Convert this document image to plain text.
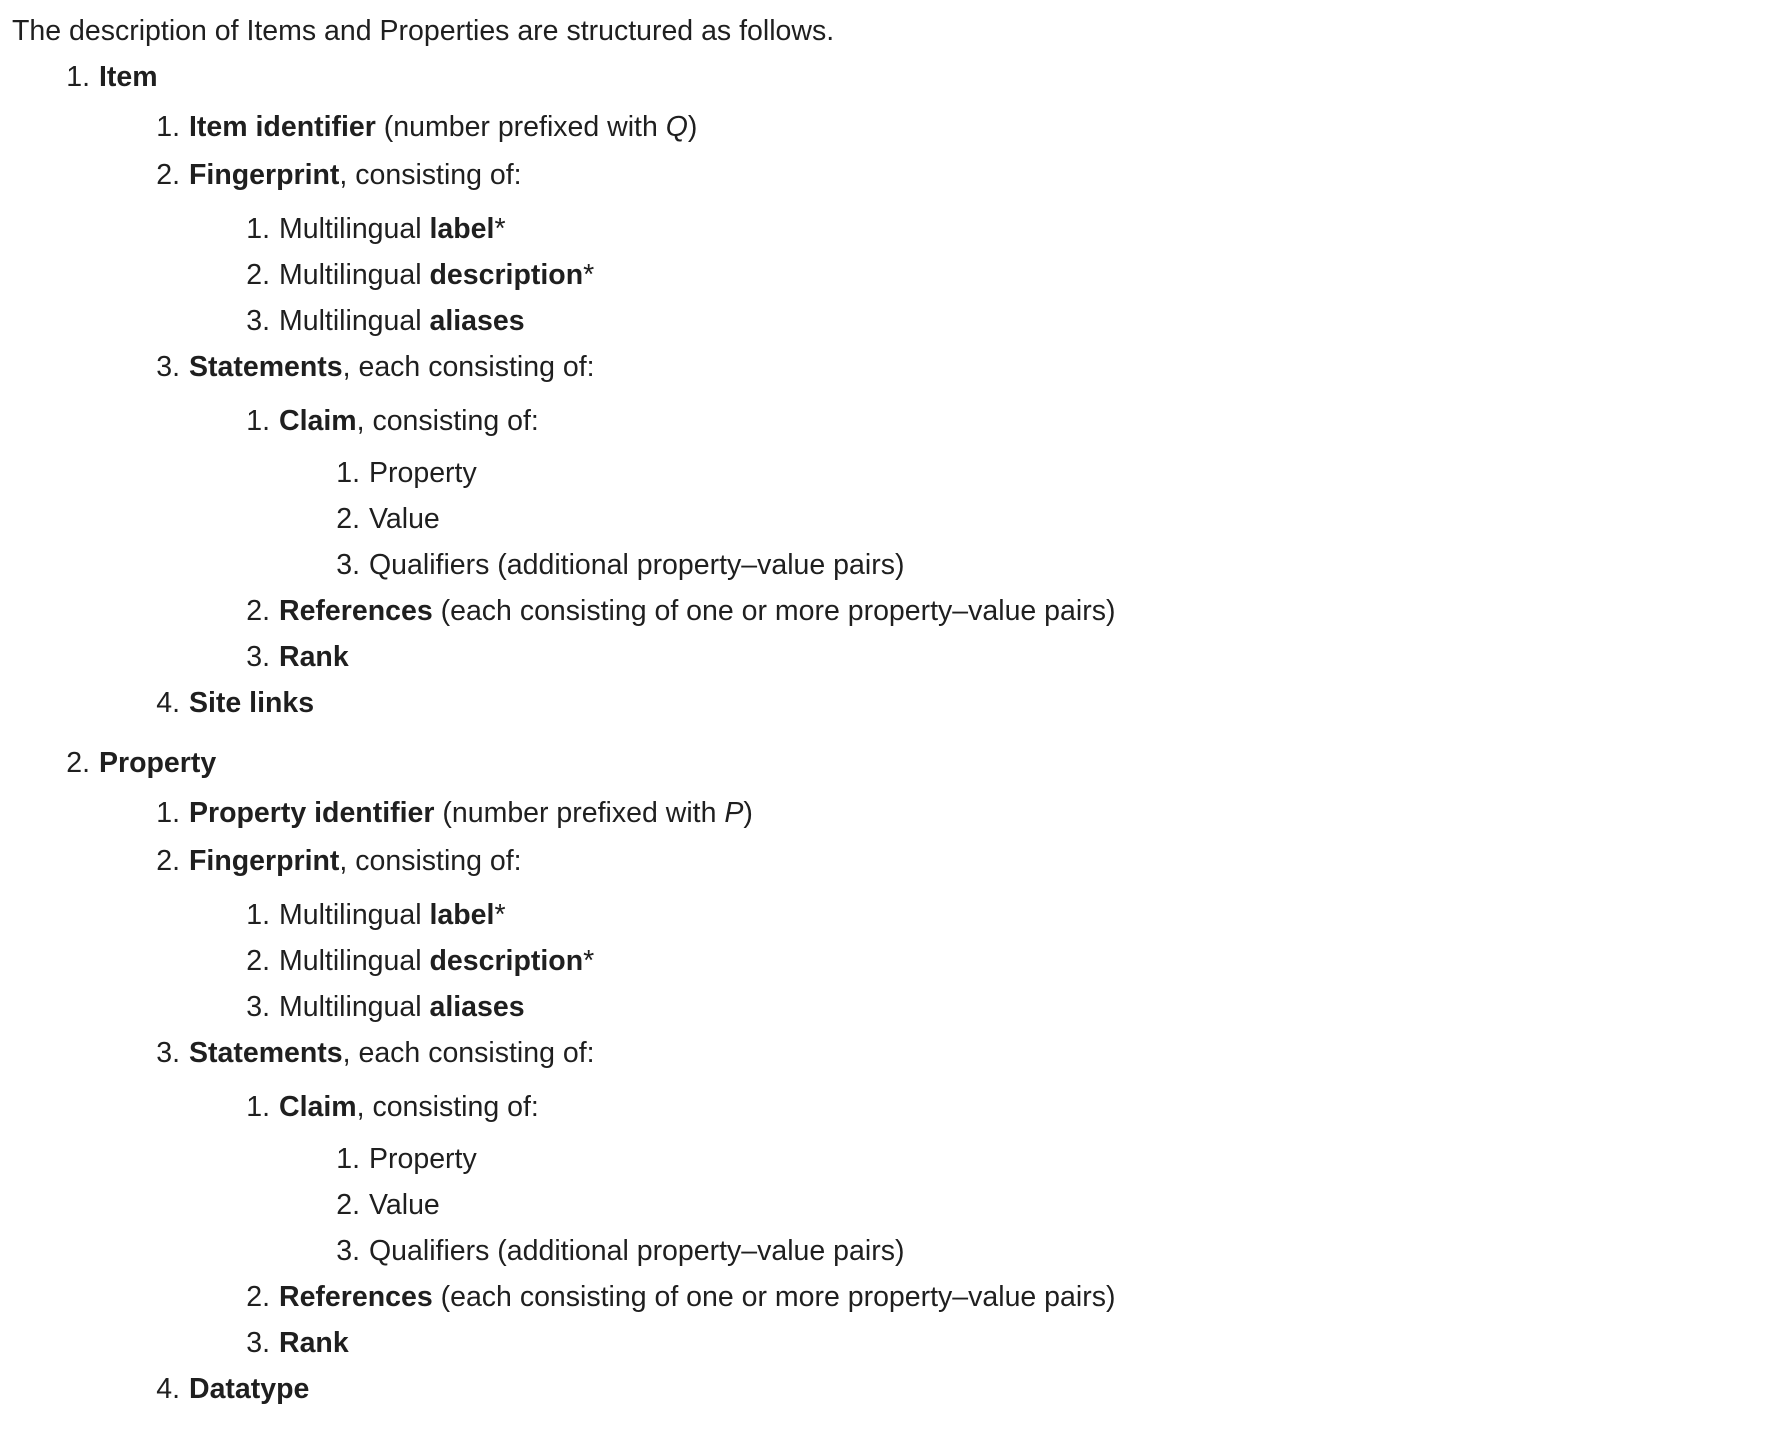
The description of Items and Properties are structured as follows.

1. Item
1. Item identifier (number prefixed with Q)
2. Fingerprint, consisting of:
1. Multilingual label*
2. Multilingual description*
3. Multilingual aliases
3. Statements, each consisting of:
1. Claim, consisting of:
1. Property
2. Value
3. Qualifiers (additional property–value pairs)
2. References (each consisting of one or more property–value pairs)
3. Rank
4. Site links
2. Property
1. Property identifier (number prefixed with P)
2. Fingerprint, consisting of:
1. Multilingual label*
2. Multilingual description*
3. Multilingual aliases
3. Statements, each consisting of:
1. Claim, consisting of:
1. Property
2. Value
3. Qualifiers (additional property–value pairs)
2. References (each consisting of one or more property–value pairs)
3. Rank
4. Datatype
